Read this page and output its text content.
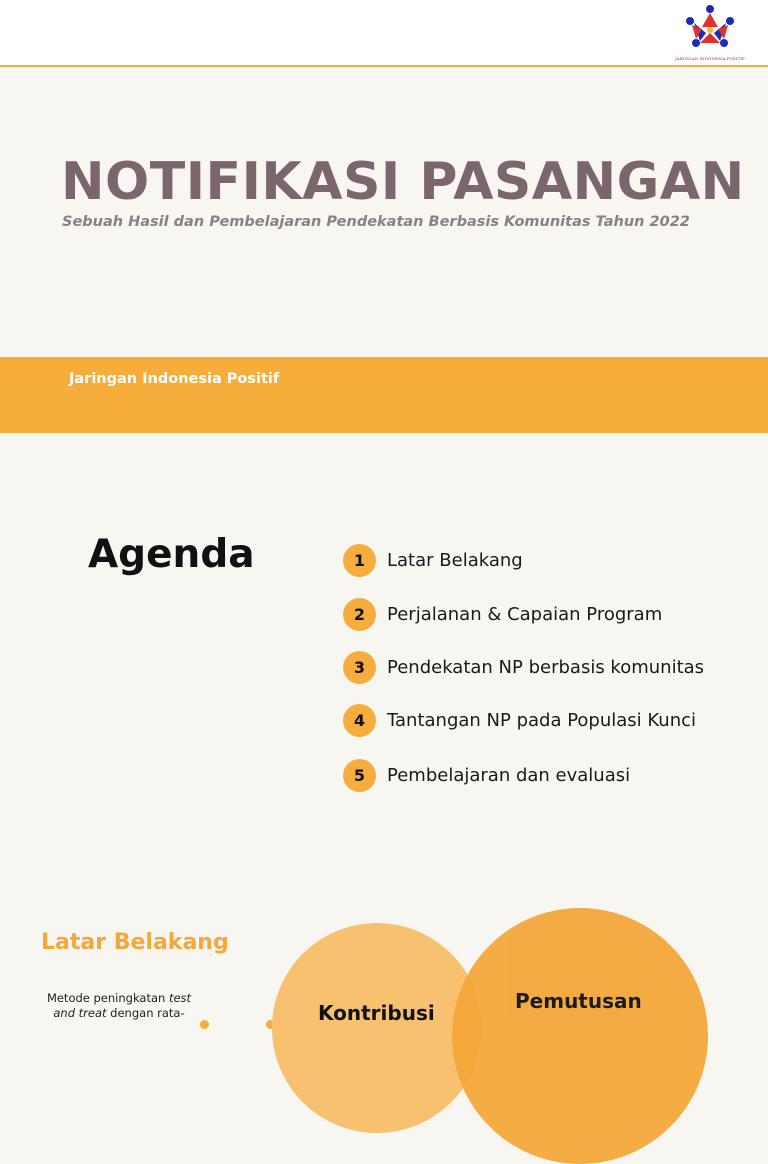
JARINGAN INDONESIA POSITIF
NOTIFIKASI PASANGAN
Sebuah Hasil dan Pembelajaran Pendekatan Berbasis Komunitas Tahun 2022
Jaringan Indonesia Positif
Agenda	1	Latar Belakang
2	Perjalanan & Capaian Program
3	Pendekatan NP berbasis komunitas
4	Tantangan NP pada Populasi Kunci
5	Pembelajaran dan evaluasi
Latar Belakang
Metode peningkatan test and treat dengan rata-	Kontribusi	Pemutusan
